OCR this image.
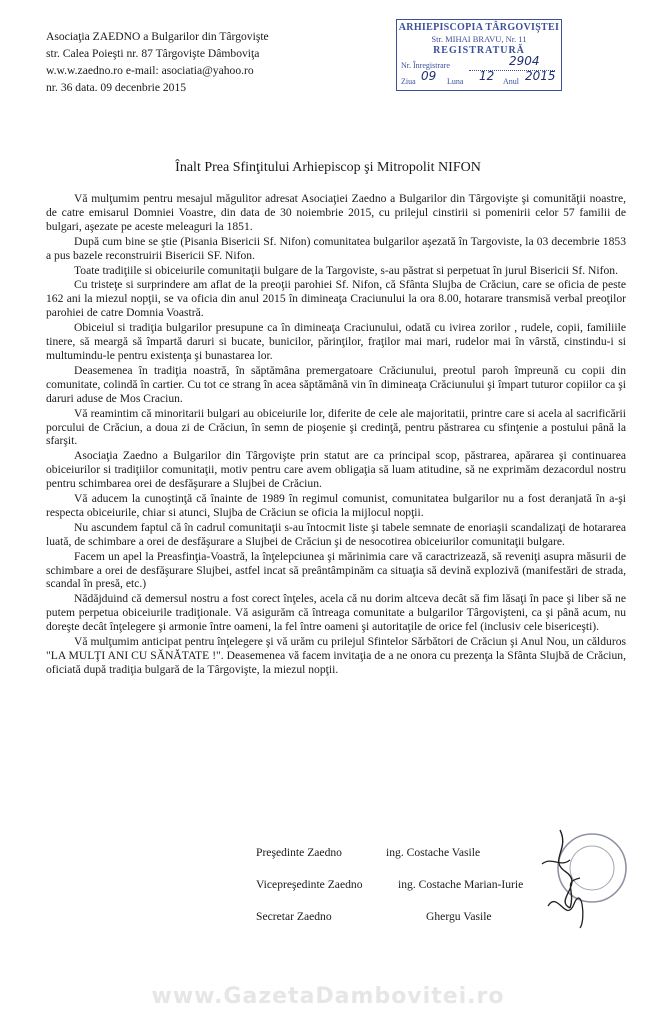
Asociaţia ZAEDNO a Bulgarilor din Târgovişte
str. Calea Poieşti nr. 87 Târgovişte Dâmboviţa
w.w.w.zaedno.ro e-mail: asociatia@yahoo.ro
nr. 36 data. 09 decenbrie 2015
ARHIEPISCOPIA TÂRGOVIŞTEI
Str. MIHAI BRAVU, Nr. 11
REGISTRATURĂ
Nr. Înregistrare	2904
Ziua 09 Luna 12 Anul 2015
Înalt Prea Sfinţitului Arhiepiscop şi Mitropolit NIFON

Vă mulţumim pentru mesajul măgulitor adresat Asociaţiei Zaedno a Bulgarilor din Târgovişte şi comunităţii noastre, de catre emisarul Domniei Voastre, din data de 30 noiembrie 2015, cu prilejul cinstirii si pomenirii celor 57 familii de bulgari, aşezate pe aceste meleaguri la 1851.

După cum bine se ştie (Pisania Bisericii Sf. Nifon) comunitatea bulgarilor aşezată în Targoviste, la 03 decembrie 1853 a pus bazele reconstruirii Bisericii SF. Nifon.

Toate tradiţiile si obiceiurile comunitaţii bulgare de la Targoviste, s-au păstrat si perpetuat în jurul Bisericii Sf. Nifon.

Cu tristeţe si surprindere am aflat de la preoţii parohiei Sf. Nifon, că Sfânta Slujba de Crăciun, care se oficia de peste 162 ani la miezul nopţii, se va oficia din anul 2015 în dimineaţa Craciunului la ora 8.00, hotarare transmisă verbal preoţilor parohiei de catre Domnia Voastră.

Obiceiul si tradiţia bulgarilor presupune ca în dimineaţa Craciunului, odată cu ivirea zorilor , rudele, copii, familiile tinere, să meargă să împartă daruri si bucate, bunicilor, părinţilor, fraţilor mai mari, rudelor mai în vârstă, cinstindu-i si multumindu-le pentru existenţa şi bunastarea lor.

Deasemenea în tradiţia noastră, în săptămâna premergatoare Crăciunului, preotul paroh împreună cu copii din comunitate, colindă în cartier. Cu tot ce strang în acea săptămână vin în dimineaţa Crăciunului şi împart tuturor copiilor ca şi daruri aduse de Mos Craciun.

Vă reamintim că minoritarii bulgari au obiceiurile lor, diferite de cele ale majoritatii, printre care si acela al sacrificării porcului de Crăciun, a doua zi de Crăciun, în semn de pioşenie şi credinţă, pentru păstrarea cu sfinţenie a postului până la sfarşit.

Asociaţia Zaedno a Bulgarilor din Târgovişte prin statut are ca principal scop, păstrarea, apărarea şi continuarea obiceiurilor si tradiţiilor comunitaţii, motiv pentru care avem obligaţia să luam atitudine, să ne exprimăm dezacordul nostru pentru schimbarea orei de desfăşurare a Slujbei de Crăciun.

Vă aducem la cunoştinţă că înainte de 1989 în regimul comunist, comunitatea bulgarilor nu a fost deranjată în a-şi respecta obiceiurile, chiar si atunci, Slujba de Crăciun se oficia la mijlocul nopţii.

Nu ascundem faptul că în cadrul comunitaţii s-au întocmit liste şi tabele semnate de enoriaşii scandalizaţi de hotararea luată, de schimbare a orei de desfăşurare a Slujbei de Crăciun şi de nesocotirea obiceiurilor comunitaţii bulgare.

Facem un apel la Preasfinţia-Voastră, la înţelepciunea şi mărinimia care vă caractrizează, să reveniţi asupra măsurii de schimbare a orei de desfăşurare Slujbei, astfel incat să preântâmpinăm ca situaţia să devină explozivă (manifestări de strada, scandal în presă, etc.)

Nădăjduind că demersul nostru a fost corect înţeles, acela că nu dorim altceva decât să fim lăsaţi în pace şi liber să ne putem perpetua obiceiurile tradiţionale. Vă asigurăm că întreaga comunitate a bulgarilor Târgovişteni, ca şi până acum, nu doreşte decât înţelegere şi armonie între oameni, la fel între oameni şi autoritaţile de orice fel (inclusiv cele bisericeşti).

Vă mulţumim anticipat pentru înţelegere şi vă urăm cu prilejul Sfintelor Sărbători de Crăciun şi Anul Nou, un călduros "LA MULŢI ANI CU SĂNĂTATE !". Deasemenea vă facem invitaţia de a ne onora cu prezenţa la Sfânta Slujbă de Crăciun, oficiată după tradiţia bulgară de la Târgovişte, la miezul nopţii.

Preşedinte Zaedno	ing. Costache Vasile
Vicepreşedinte Zaedno	ing. Costache Marian-Iurie
Secretar Zaedno	Ghergu Vasile
www.GazetaDambovitei.ro
